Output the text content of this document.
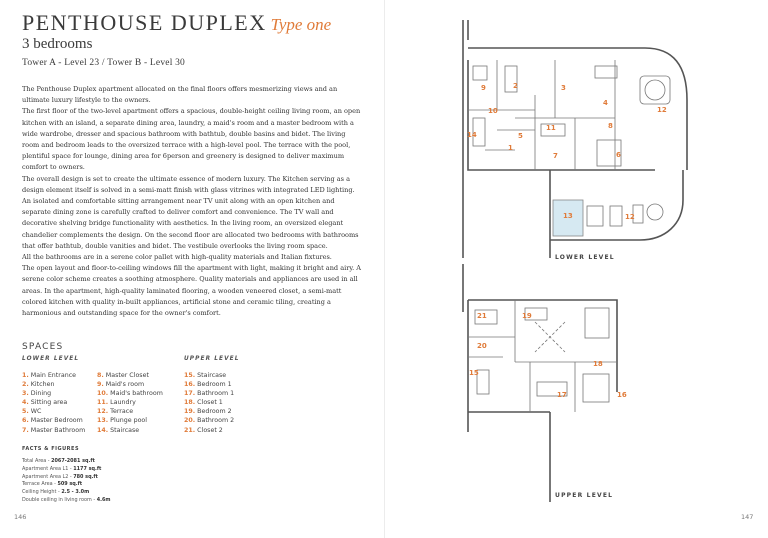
PENTHOUSE DUPLEX Type one
3 bedrooms
Tower A - Level 23 / Tower B - Level 30

The Penthouse Duplex apartment allocated on the final floors offers mesmerizing views and an ultimate luxury lifestyle to the owners.

The first floor of the two-level apartment offers a spacious, double-height ceiling living room, an open kitchen with an island, a separate dining area, laundry, a maid's room and a master bedroom with a wide wardrobe, dresser and spacious bathroom with bathtub, double basins and bidet. The living room and bedroom leads to the oversized terrace with a high-level pool. The terrace with the pool, plentiful space for lounge, dining area for 6person and greenery is designed to deliver maximum comfort to owners.

The overall design is set to create the ultimate essence of modern luxury. The Kitchen serving as a design element itself is solved in a semi-matt finish with glass vitrines with integrated LED lighting.

An isolated and comfortable sitting arrangement near TV unit along with an open kitchen and separate dining zone is carefully crafted to deliver comfort and convenience. The TV wall and decorative shelving bridge functionality with aesthetics. In the living room, an oversized elegant chandelier complements the design. On the second floor are allocated two bedrooms with bathrooms that offer bathtub, double vanities and bidet. The vestibule overlooks the living room space.

All the bathrooms are in a serene color pallet with high-quality materials and Italian fixtures.

The open layout and floor-to-ceiling windows fill the apartment with light, making it bright and airy. A serene color scheme creates a soothing atmosphere. Quality materials and appliances are used in all areas. In the apartment, high-quality laminated flooring, a wooden veneered closet, a semi-matt colored kitchen with quality in-built appliances, artificial stone and ceramic tiling, creating a harmonious and outstanding space for the owner's comfort.

SPACES
LOWER LEVEL	UPPER LEVEL
1. Main Entrance
2. Kitchen
3. Dining
4. Sitting area
5. WC
6. Master Bedroom
7. Master Bathroom
8. Master Closet
9. Maid's room
10. Maid's bathroom
11. Laundry
12. Terrace
13. Plunge pool
14. Staircase
15. Staircase
16. Bedroom 1
17. Bathroom 1
18. Closet 1
19. Bedroom 2
20. Bathroom 2
21. Closet 2
FACTS & FIGURES
Total Area - 2067-2081 sq.ft
Apartment Area L1 - 1177 sq.ft
Apartment Area L2 - 780 sq.ft
Terrace Area - 509 sq.ft
Ceiling Height - 2.5 - 3.0m
Double ceiling in living room - 4.6m
146
9	2	3
4
12
10
11	8
14	5
1
7	6
13	12
LOWER LEVEL
21	19
18
20
15
17	16
UPPER LEVEL
147
